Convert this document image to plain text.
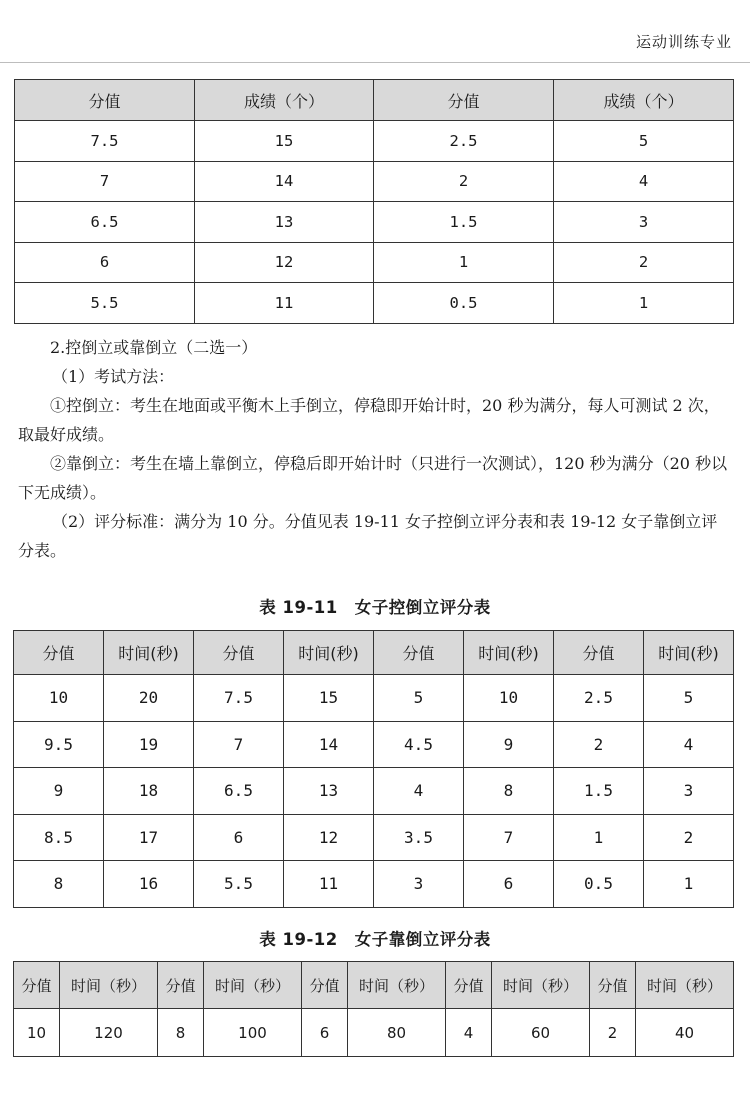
运动训练专业
分值	成绩（个）	分值	成绩（个）
7.5	15	2.5	5
7	14	2	4
6.5	13	1.5	3
6	12	1	2
5.5	11	0.5	1
2.控倒立或靠倒立（二选一）
（1）考试方法：
①控倒立：考生在地面或平衡木上手倒立，停稳即开始计时，20 秒为满分，每人可测试 2 次，取最好成绩。
②靠倒立：考生在墙上靠倒立，停稳后即开始计时（只进行一次测试），120 秒为满分（20 秒以下无成绩）。
（2）评分标准：满分为 10 分。分值见表 19-11 女子控倒立评分表和表 19-12 女子靠倒立评分表。
表 19-11　女子控倒立评分表
分值	时间(秒)	分值	时间(秒)	分值	时间(秒)	分值	时间(秒)
10	20	7.5	15	5	10	2.5	5
9.5	19	7	14	4.5	9	2	4
9	18	6.5	13	4	8	1.5	3
8.5	17	6	12	3.5	7	1	2
8	16	5.5	11	3	6	0.5	1
表 19-12　女子靠倒立评分表
分值	时间（秒）	分值	时间（秒）	分值	时间（秒）	分值	时间（秒）	分值	时间（秒）
10	120	8	100	6	80	4	60	2	40
